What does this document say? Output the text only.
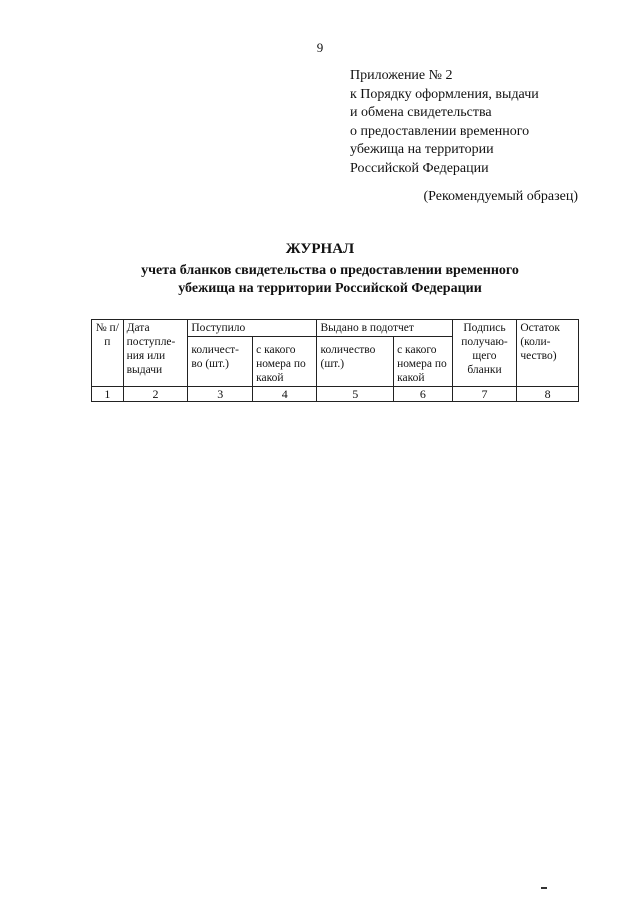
9
Приложение № 2
к Порядку оформления, выдачи
и обмена свидетельства
о предоставлении временного
убежища на территории
Российской Федерации
(Рекомендуемый образец)
ЖУРНАЛ
учета бланков свидетельства о предоставлении временного
убежища на территории Российской Федерации
№ п/п	Дата поступле-ния или выдачи	Поступило		Выдано в подотчет		Подпись получаю-щего бланки	Остаток (коли-чество)
		количест-во (шт.)	с какого номера по какой	количество (шт.)	с какого номера по какой		
1	2	3	4	5	6	7	8
